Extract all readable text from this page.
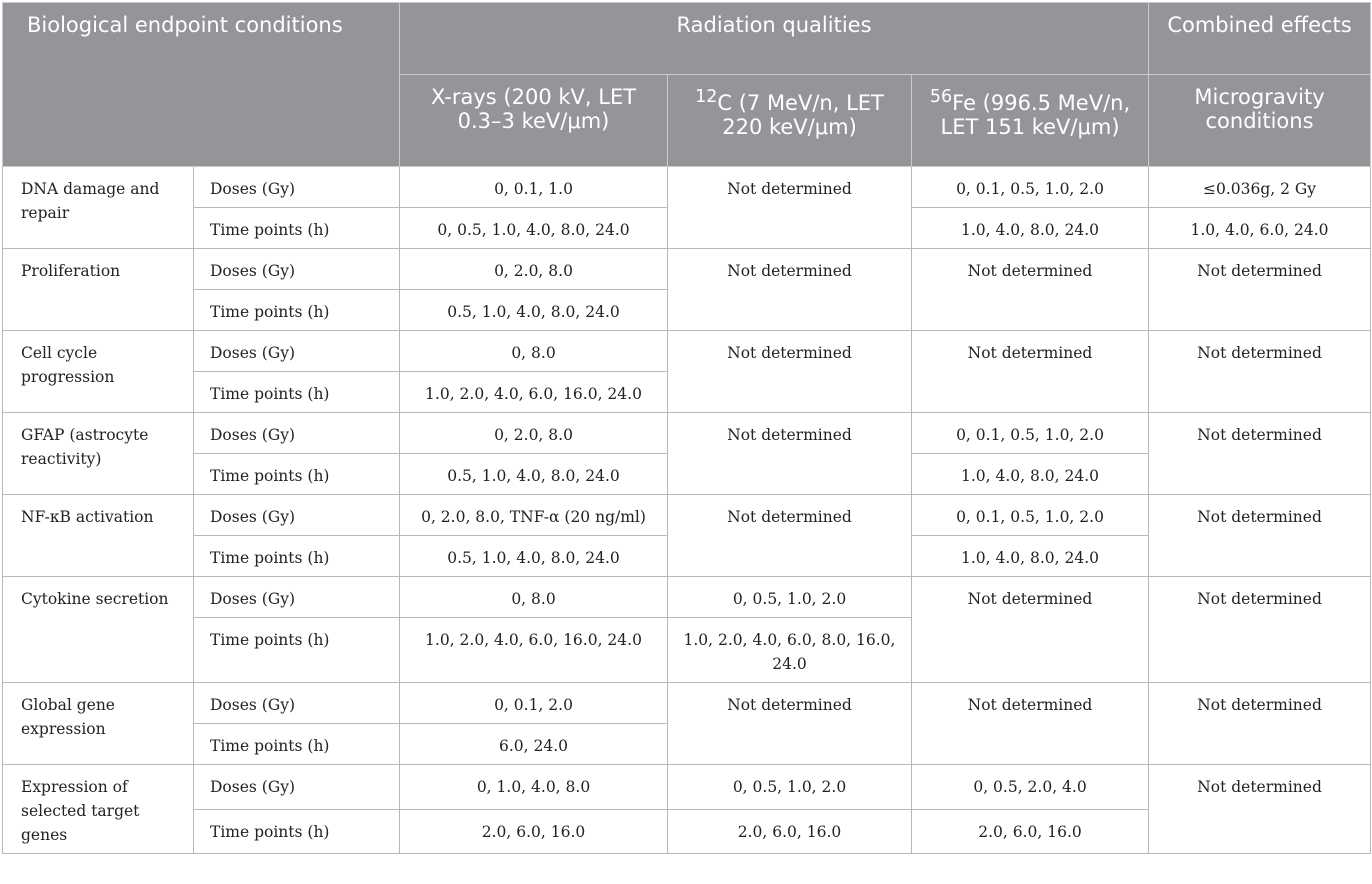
Biological endpoint conditions		Radiation qualities			Combined effects
		X-rays (200 kV, LET 0.3–3 keV/μm)	$^{12}$C (7 MeV/n, LET 220 keV/μm)	$^{56}$Fe (996.5 MeV/n, LET 151 keV/μm)	Microgravity conditions
DNA damage and repair	Doses (Gy)	0, 0.1, 1.0	Not determined	0, 0.1, 0.5, 1.0, 2.0	≤0.036g, 2 Gy
	Time points (h)	0, 0.5, 1.0, 4.0, 8.0, 24.0		1.0, 4.0, 8.0, 24.0	1.0, 4.0, 6.0, 24.0
Proliferation	Doses (Gy)	0, 2.0, 8.0	Not determined	Not determined	Not determined
	Time points (h)	0.5, 1.0, 4.0, 8.0, 24.0			
Cell cycle progression	Doses (Gy)	0, 8.0	Not determined	Not determined	Not determined
	Time points (h)	1.0, 2.0, 4.0, 6.0, 16.0, 24.0			
GFAP (astrocyte reactivity)	Doses (Gy)	0, 2.0, 8.0	Not determined	0, 0.1, 0.5, 1.0, 2.0	Not determined
	Time points (h)	0.5, 1.0, 4.0, 8.0, 24.0		1.0, 4.0, 8.0, 24.0	
NF-κB activation	Doses (Gy)	0, 2.0, 8.0, TNF-α (20 ng/ml)	Not determined	0, 0.1, 0.5, 1.0, 2.0	Not determined
	Time points (h)	0.5, 1.0, 4.0, 8.0, 24.0		1.0, 4.0, 8.0, 24.0	
Cytokine secretion	Doses (Gy)	0, 8.0	0, 0.5, 1.0, 2.0	Not determined	Not determined
	Time points (h)	1.0, 2.0, 4.0, 6.0, 16.0, 24.0	1.0, 2.0, 4.0, 6.0, 8.0, 16.0, 24.0		
Global gene expression	Doses (Gy)	0, 0.1, 2.0	Not determined	Not determined	Not determined
	Time points (h)	6.0, 24.0			
Expression of selected target genes	Doses (Gy)	0, 1.0, 4.0, 8.0	0, 0.5, 1.0, 2.0	0, 0.5, 2.0, 4.0	Not determined
	Time points (h)	2.0, 6.0, 16.0	2.0, 6.0, 16.0	2.0, 6.0, 16.0	
